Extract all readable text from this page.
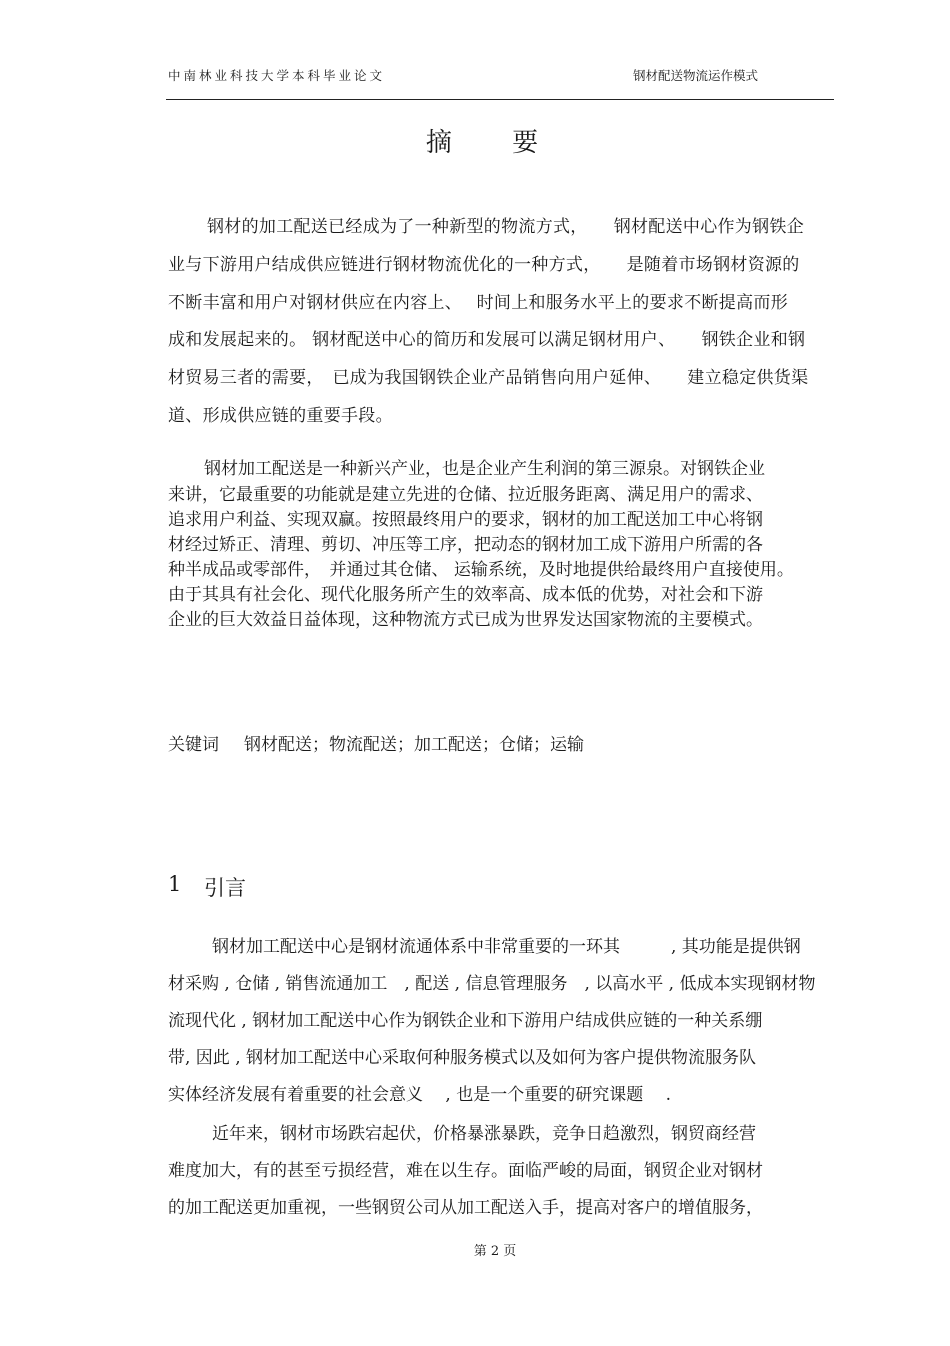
中南林业科技大学本科毕业论文	钢材配送物流运作模式
摘 要
钢材的加工配送已经成为了一种新型的物流方式，　　钢材配送中心作为钢铁企
业与下游用户结成供应链进行钢材物流优化的一种方式，　　是随着市场钢材资源的
不断丰富和用户对钢材供应在内容上、　 时间上和服务水平上的要求不断提高而形
成和发展起来的。 钢材配送中心的简历和发展可以满足钢材用户、　　钢铁企业和钢
材贸易三者的需要，　已成为我国钢铁企业产品销售向用户延伸、　　建立稳定供货渠
道、形成供应链的重要手段。
钢材加工配送是一种新兴产业，也是企业产生利润的第三源泉。对钢铁企业
来讲，它最重要的功能就是建立先进的仓储、拉近服务距离、满足用户的需求、
追求用户利益、实现双赢。按照最终用户的要求，钢材的加工配送加工中心将钢
材经过矫正、清理、剪切、冲压等工序，把动态的钢材加工成下游用户所需的各
种半成品或零部件，　并通过其仓储、 运输系统，及时地提供给最终用户直接使用。
由于其具有社会化、现代化服务所产生的效率高、成本低的优势，对社会和下游
企业的巨大效益日益体现，这种物流方式已成为世界发达国家物流的主要模式。
关键词 钢材配送；物流配送；加工配送；仓储；运输
1 引言
钢材加工配送中心是钢材流通体系中非常重要的一环其　　　, 其功能是提供钢
材采购 , 仓储 , 销售流通加工　, 配送 , 信息管理服务　, 以高水平 , 低成本实现钢材物
流现代化 , 钢材加工配送中心作为钢铁企业和下游用户结成供应链的一种关系绷
带, 因此 , 钢材加工配送中心采取何种服务模式以及如何为客户提供物流服务队
实体经济发展有着重要的社会意义　 , 也是一个重要的研究课题　 .
近年来，钢材市场跌宕起伏，价格暴涨暴跌，竞争日趋激烈，钢贸商经营
难度加大，有的甚至亏损经营，难在以生存。面临严峻的局面，钢贸企业对钢材
的加工配送更加重视，一些钢贸公司从加工配送入手，提高对客户的增值服务，
第 2 页
